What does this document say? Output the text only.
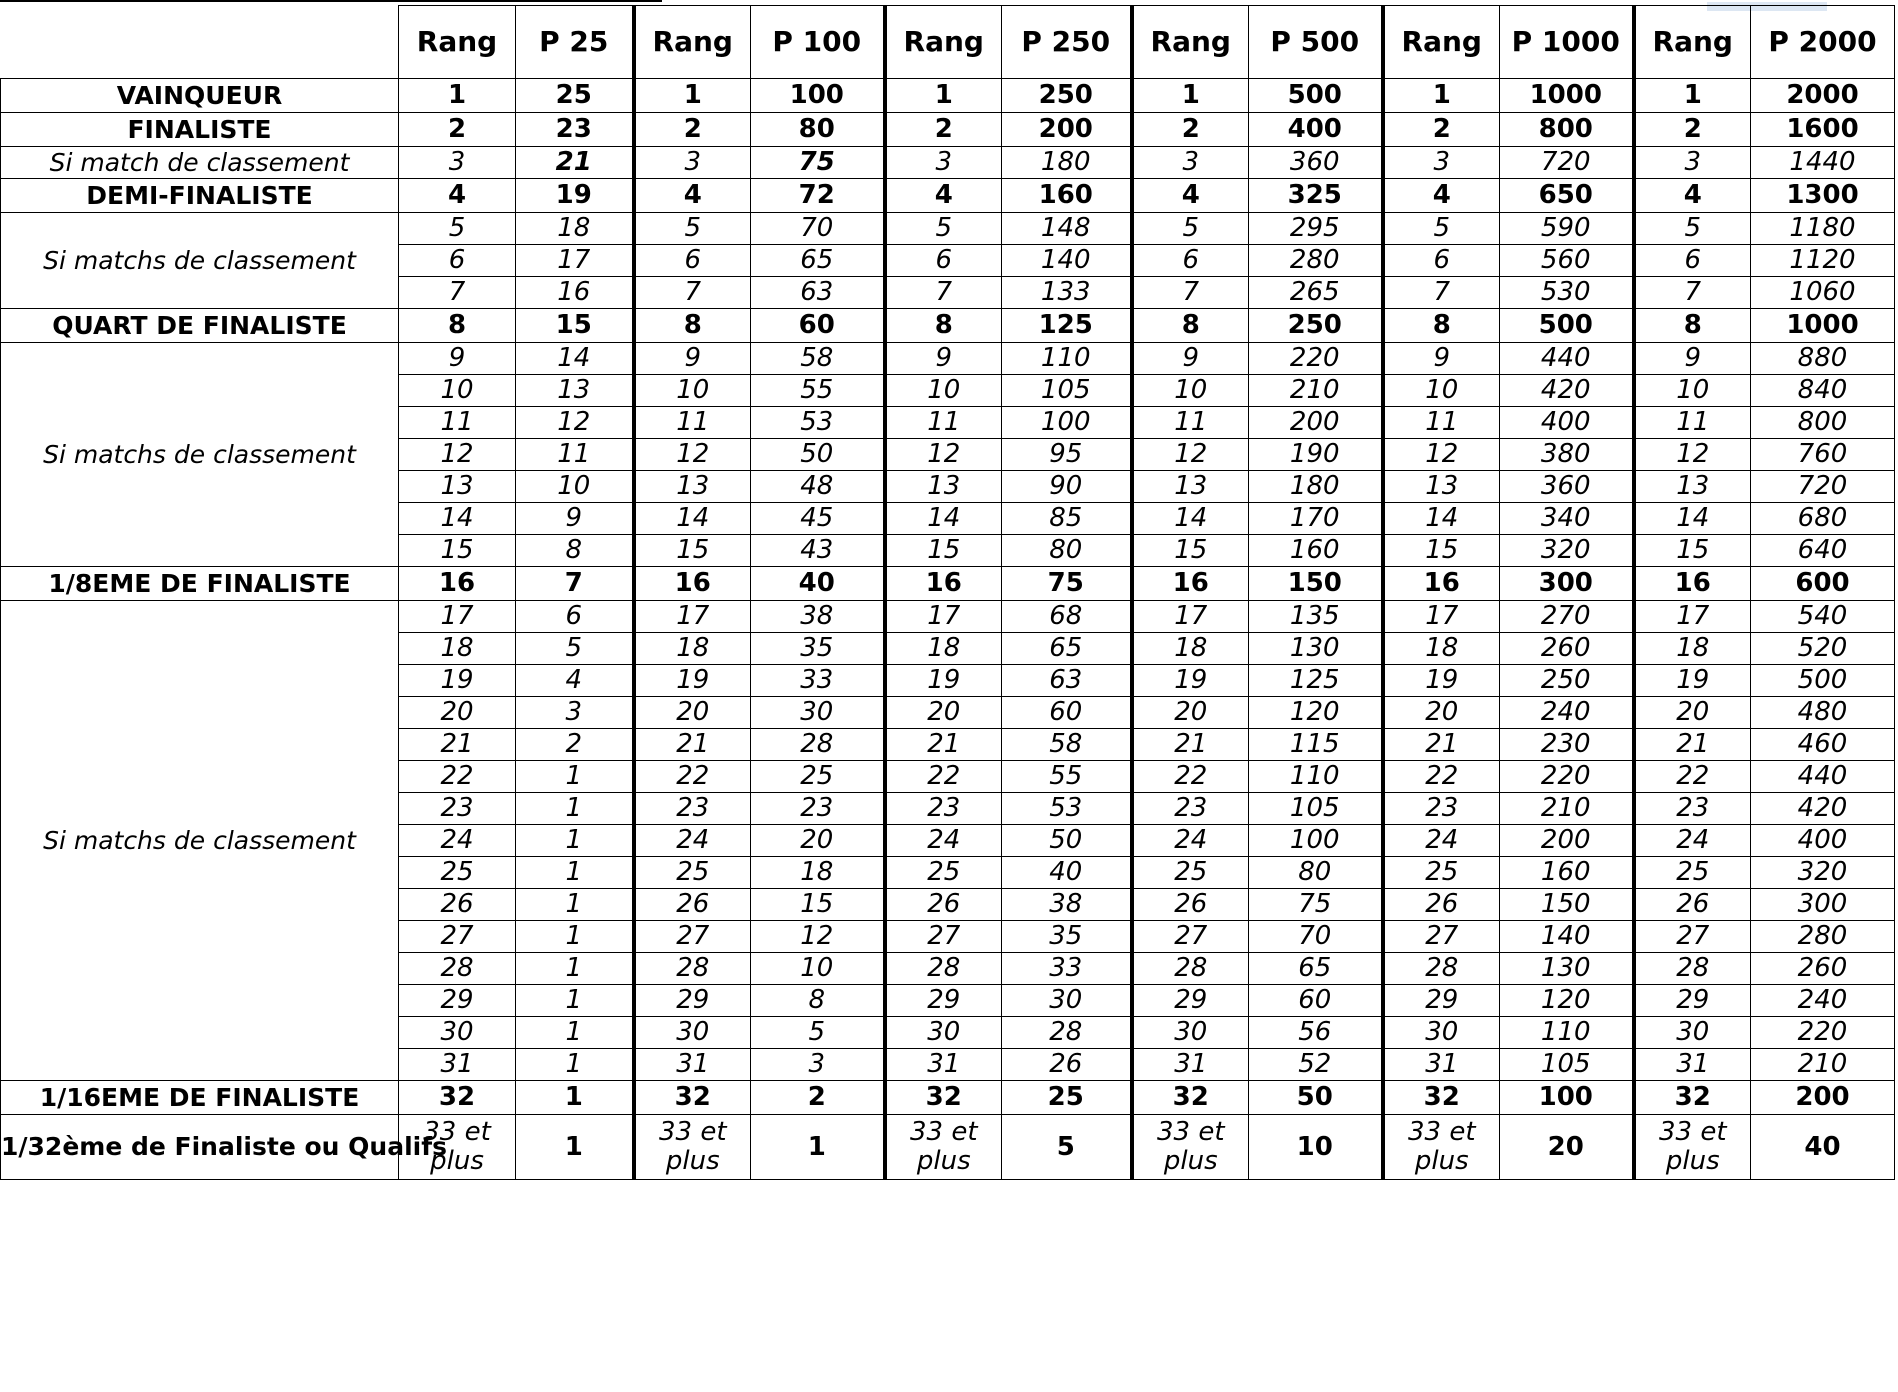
	Rang	P 25	Rang	P 100	Rang	P 250	Rang	P 500	Rang	P 1000	Rang	P 2000
VAINQUEUR	1	25	1	100	1	250	1	500	1	1000	1	2000
FINALISTE	2	23	2	80	2	200	2	400	2	800	2	1600
Si match de classement	3	21	3	75	3	180	3	360	3	720	3	1440
DEMI-FINALISTE	4	19	4	72	4	160	4	325	4	650	4	1300
Si matchs de classement	5	18	5	70	5	148	5	295	5	590	5	1180
	6	17	6	65	6	140	6	280	6	560	6	1120
	7	16	7	63	7	133	7	265	7	530	7	1060
QUART DE FINALISTE	8	15	8	60	8	125	8	250	8	500	8	1000
Si matchs de classement	9	14	9	58	9	110	9	220	9	440	9	880
	10	13	10	55	10	105	10	210	10	420	10	840
	11	12	11	53	11	100	11	200	11	400	11	800
	12	11	12	50	12	95	12	190	12	380	12	760
	13	10	13	48	13	90	13	180	13	360	13	720
	14	9	14	45	14	85	14	170	14	340	14	680
	15	8	15	43	15	80	15	160	15	320	15	640
1/8EME DE FINALISTE	16	7	16	40	16	75	16	150	16	300	16	600
Si matchs de classement	17	6	17	38	17	68	17	135	17	270	17	540
	18	5	18	35	18	65	18	130	18	260	18	520
	19	4	19	33	19	63	19	125	19	250	19	500
	20	3	20	30	20	60	20	120	20	240	20	480
	21	2	21	28	21	58	21	115	21	230	21	460
	22	1	22	25	22	55	22	110	22	220	22	440
	23	1	23	23	23	53	23	105	23	210	23	420
	24	1	24	20	24	50	24	100	24	200	24	400
	25	1	25	18	25	40	25	80	25	160	25	320
	26	1	26	15	26	38	26	75	26	150	26	300
	27	1	27	12	27	35	27	70	27	140	27	280
	28	1	28	10	28	33	28	65	28	130	28	260
	29	1	29	8	29	30	29	60	29	120	29	240
	30	1	30	5	30	28	30	56	30	110	30	220
	31	1	31	3	31	26	31	52	31	105	31	210
1/16EME DE FINALISTE	32	1	32	2	32	25	32	50	32	100	32	200
1/32ème de Finaliste ou Qualifs	33 et plus	1	33 et plus	1	33 et plus	5	33 et plus	10	33 et plus	20	33 et plus	40
